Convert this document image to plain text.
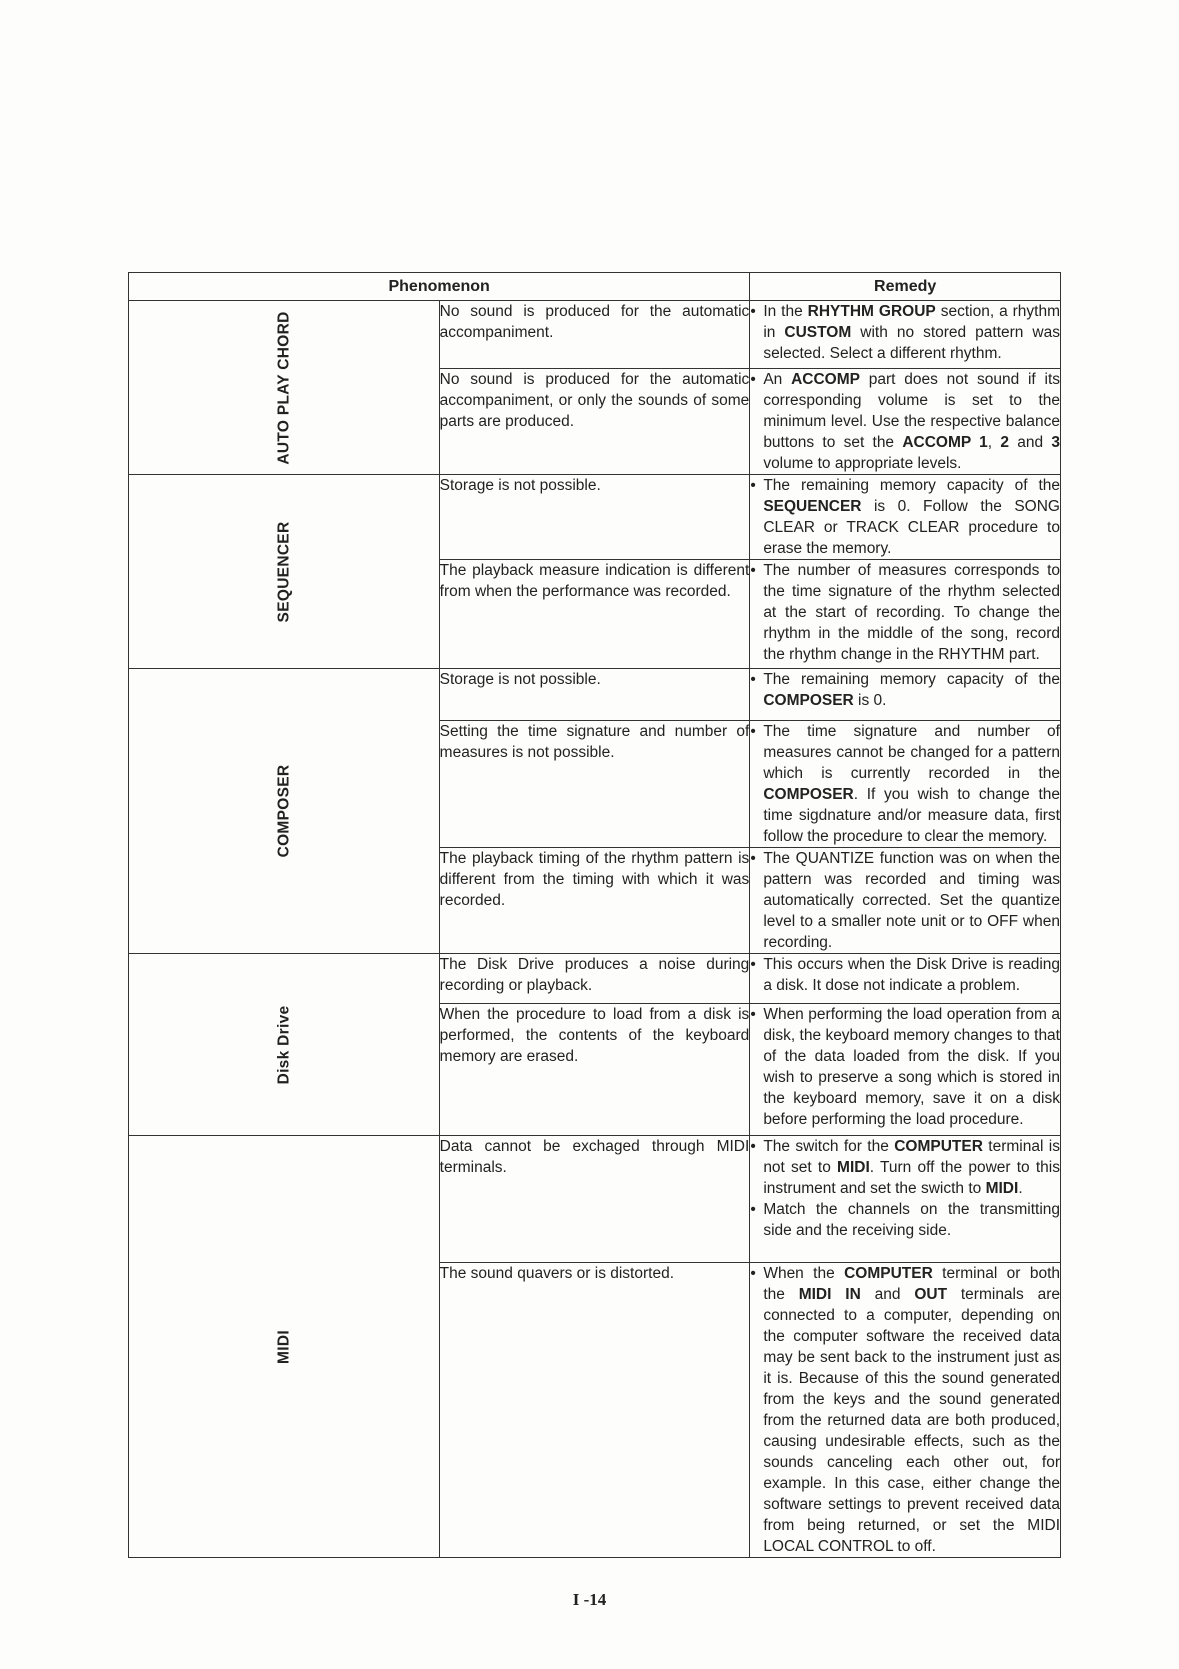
Phenomenon		Remedy

AUTO PLAY CHORD	No sound is produced for the automatic accompaniment.	• In the RHYTHM GROUP section, a rhythm in CUSTOM with no stored pattern was selected. Select a different rhythm.

	No sound is produced for the automatic accompaniment, or only the sounds of some parts are produced.	• An ACCOMP part does not sound if its corresponding volume is set to the minimum level. Use the respective balance buttons to set the ACCOMP 1, 2 and 3 volume to appropriate levels.

SEQUENCER	Storage is not possible.	• The remaining memory capacity of the SEQUENCER is 0. Follow the SONG CLEAR or TRACK CLEAR procedure to erase the memory.

	The playback measure indication is different from when the performance was recorded.	• The number of measures corresponds to the time signature of the rhythm selected at the start of recording. To change the rhythm in the middle of the song, record the rhythm change in the RHYTHM part.

COMPOSER	Storage is not possible.	• The remaining memory capacity of the COMPOSER is 0.

	Setting the time signature and number of measures is not possible.	• The time signature and number of measures cannot be changed for a pattern which is currently recorded in the COMPOSER. If you wish to change the time sigdnature and/or measure data, first follow the procedure to clear the memory.

	The playback timing of the rhythm pattern is different from the timing with which it was recorded.	• The QUANTIZE function was on when the pattern was recorded and timing was automatically corrected. Set the quantize level to a smaller note unit or to OFF when recording.

Disk Drive	The Disk Drive produces a noise during recording or playback.	• This occurs when the Disk Drive is reading a disk. It dose not indicate a problem.

	When the procedure to load from a disk is performed, the contents of the keyboard memory are erased.	• When performing the load operation from a disk, the keyboard memory changes to that of the data loaded from the disk. If you wish to preserve a song which is stored in the keyboard memory, save it on a disk before performing the load procedure.

MIDI	Data cannot be exchaged through MIDI terminals.	• The switch for the COMPUTER terminal is not set to MIDI. Turn off the power to this instrument and set the swicth to MIDI.
• Match the channels on the transmitting side and the receiving side.

	The sound quavers or is distorted.	• When the COMPUTER terminal or both the MIDI IN and OUT terminals are connected to a computer, depending on the computer software the received data may be sent back to the instrument just as it is. Because of this the sound generated from the keys and the sound generated from the returned data are both produced, causing undesirable effects, such as the sounds canceling each other out, for example. In this case, either change the software settings to prevent received data from being returned, or set the MIDI LOCAL CONTROL to off.
I -14
